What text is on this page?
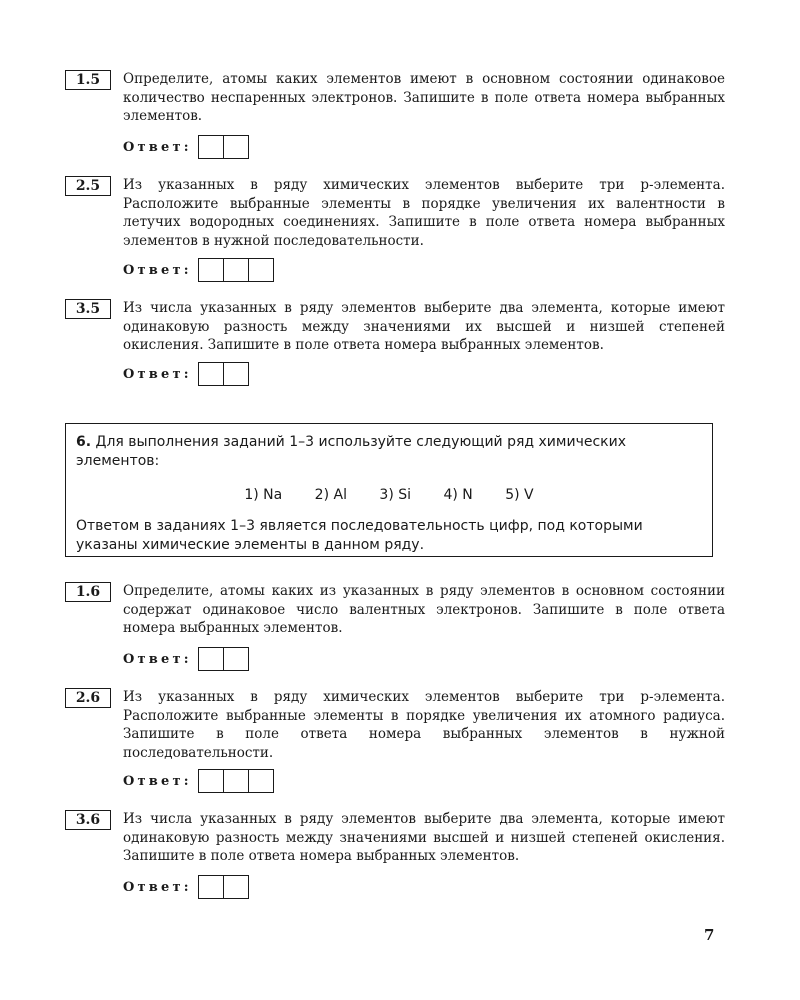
1.5	Определите, атомы каких элементов имеют в основном состоянии одинаковое количество неспаренных электронов. Запишите в поле ответа номера выбранных элементов.
Ответ:
2.5	Из указанных в ряду химических элементов выберите три p-элемента. Расположите выбранные элементы в порядке увеличения их валентности в летучих водородных соединениях. Запишите в поле ответа номера выбранных элементов в нужной последовательности.
Ответ:
3.5	Из числа указанных в ряду элементов выберите два элемента, которые имеют одинаковую разность между значениями их высшей и низшей степеней окисления. Запишите в поле ответа номера выбранных элементов.
Ответ:
6. Для выполнения заданий 1–3 используйте следующий ряд химических элементов:
1) Na 2) Al 3) Si 4) N 5) V
Ответом в заданиях 1–3 является последовательность цифр, под которыми указаны химические элементы в данном ряду.
1.6	Определите, атомы каких из указанных в ряду элементов в основном состоянии содержат одинаковое число валентных электронов. Запишите в поле ответа номера выбранных элементов.
Ответ:
2.6	Из указанных в ряду химических элементов выберите три p-элемента. Расположите выбранные элементы в порядке увеличения их атомного радиуса. Запишите в поле ответа номера выбранных элементов в нужной последовательности.
Ответ:
3.6	Из числа указанных в ряду элементов выберите два элемента, которые имеют одинаковую разность между значениями высшей и низшей степеней окисления. Запишите в поле ответа номера выбранных элементов.
Ответ:
7
